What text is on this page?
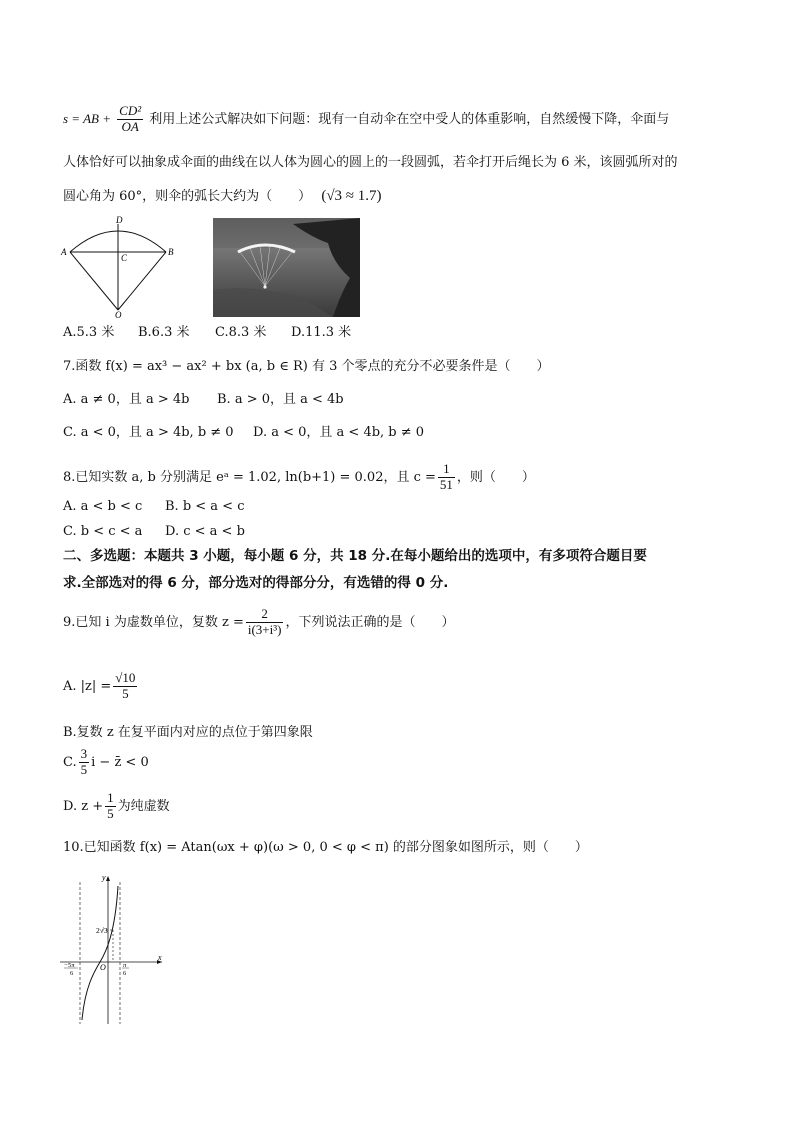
s = AB + $\frac{\text{CD²}}{OA}$ 利用上述公式解决如下问题：现有一自动伞在空中受人的体重影响，自然缓慢下降，伞面与
人体恰好可以抽象成伞面的曲线在以人体为圆心的圆上的一段圆弧，若伞打开后绳长为 6 米，该圆弧所对的
圆心角为 60°，则伞的弧长大约为（　　） (√3 ≈ 1.7)
A	B
C
D
O
A.5.3 米 B.6.3 米 C.8.3 米 D.11.3 米
7.函数 f(x) = ax³ − ax² + bx (a, b ∈ R) 有 3 个零点的充分不必要条件是（　　）
A. a ≠ 0，且 a > 4b B. a > 0，且 a < 4b
C. a < 0，且 a > 4b, b ≠ 0 D. a < 0，且 a < 4b, b ≠ 0
8.已知实数 a, b 分别满足 eᵃ = 1.02, ln(b+1) = 0.02，且 $c = \frac{1}{51}$ ，则（　　）
A. a < b < c B. b < a < c
C. b < c < a D. c < a < b
二、多选题：本题共 3 小题，每小题 6 分，共 18 分.在每小题给出的选项中，有多项符合题目要
求.全部选对的得 6 分，部分选对的得部分分，有选错的得 0 分.
9.已知 i 为虚数单位，复数 $z = \frac{2}{\text{i(3+i³)}}$ ，下列说法正确的是（　　）
A. $|z| = \frac{√10}{5}$
B.复数 z 在复平面内对应的点位于第四象限
C. $\frac{3}{5}$ i − z̄ < 0
D. $z + \frac{1}{5}$ 为纯虚数
10.已知函数 f(x) = Atan(ωx + φ)(ω > 0, 0 < φ < π) 的部分图象如图所示，则（　　）
y
x
O
2√3
5π
−
6
π
6
